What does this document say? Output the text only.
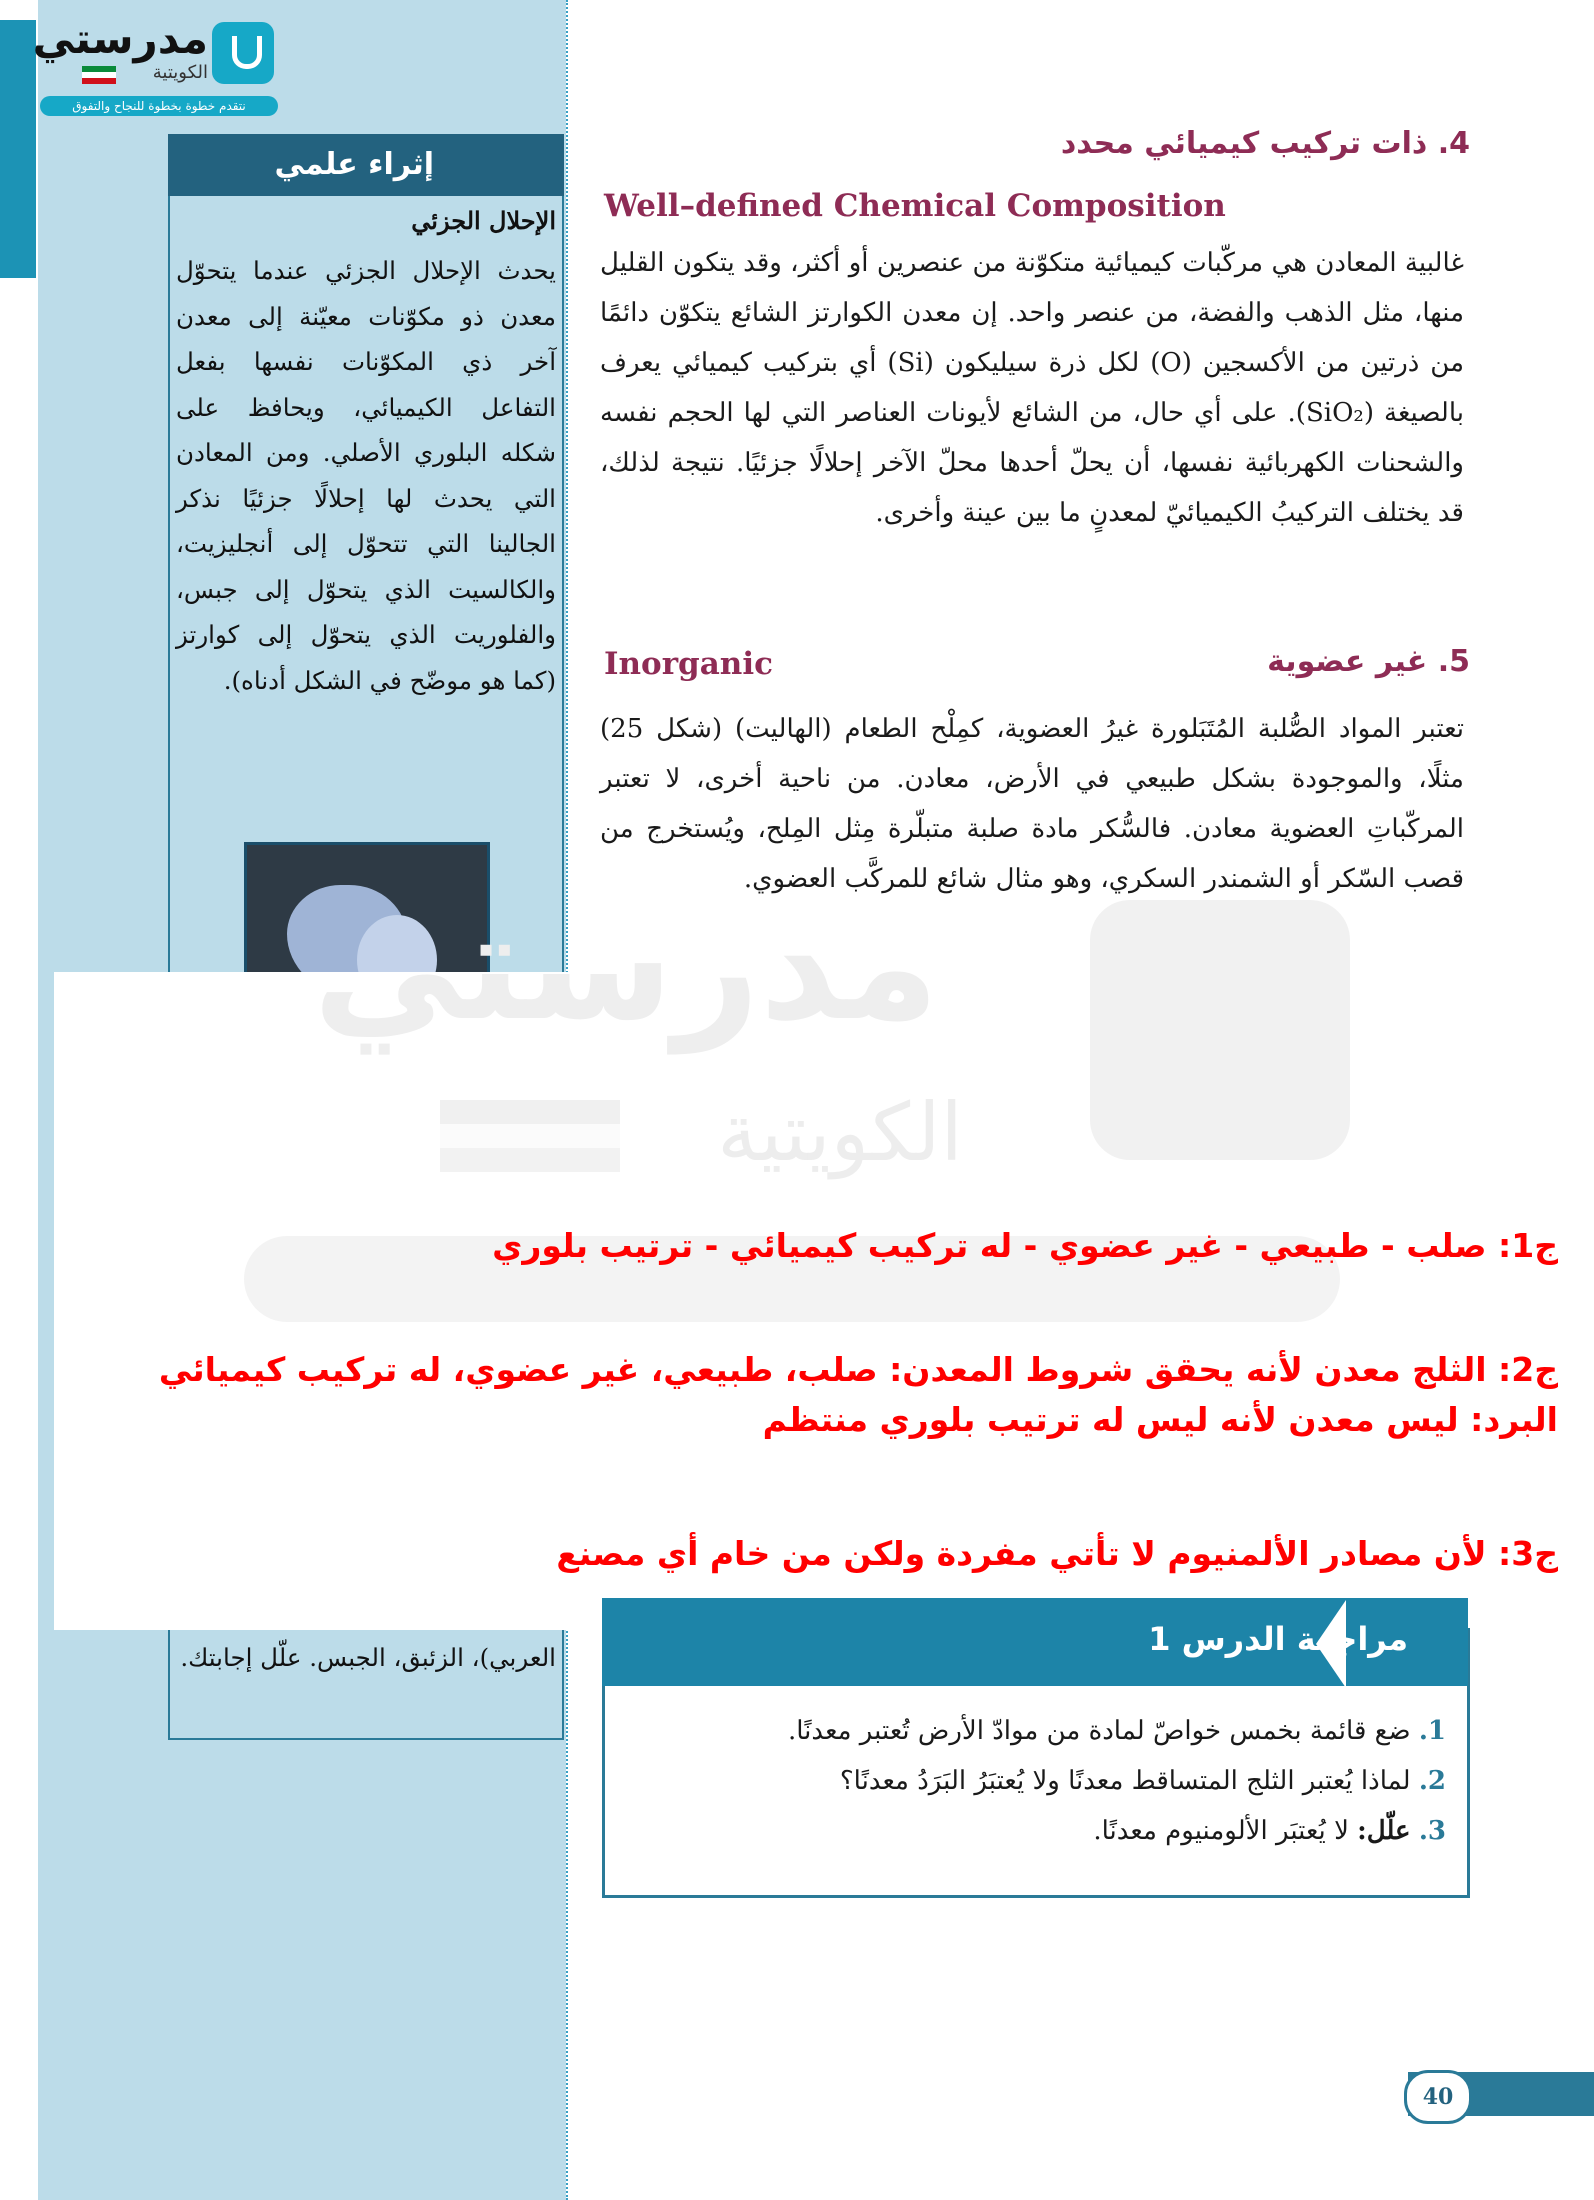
مدرستي
الكويتية
نتقدم خطوة بخطوة للنجاح والتفوق
إثراء علمي
الإحلال الجزئي
يحدث الإحلال الجزئي عندما يتحوّل معدن ذو مكوّنات معيّنة إلى معدن آخر ذي المكوّنات نفسها بفعل التفاعل الكيميائي، ويحافظ على شكله البلوري الأصلي. ومن المعادن التي يحدث لها إحلالًا جزئيًا نذكر الجالينا التي تتحوّل إلى أنجليزيت، والكالسيت الذي يتحوّل إلى جبس، والفلوريت الذي يتحوّل إلى كوارتز (كما هو موضّح في الشكل أدناه).
العربي)، الزئبق، الجبس. علّل إجابتك.
4. ذات تركيب كيميائي محدد
Well–defined Chemical Composition
غالبية المعادن هي مركّبات كيميائية متكوّنة من عنصرين أو أكثر، وقد يتكون القليل منها، مثل الذهب والفضة، من عنصر واحد. إن معدن الكوارتز الشائع يتكوّن دائمًا من ذرتين من الأكسجين (O) لكل ذرة سيليكون (Si) أي بتركيب كيميائي يعرف بالصيغة (SiO₂). على أي حال، من الشائع لأيونات العناصر التي لها الحجم نفسه والشحنات الكهربائية نفسها، أن يحلّ أحدها محلّ الآخر إحلالًا جزئيًا. نتيجة لذلك، قد يختلف التركيبُ الكيميائيّ لمعدنٍ ما بين عينة وأخرى.
5. غير عضوية
Inorganic
تعتبر المواد الصُّلبة المُتَبَلورة غيرُ العضوية، كمِلْح الطعام (الهاليت) (شكل 25) مثلًا، والموجودة بشكل طبيعي في الأرض، معادن. من ناحية أخرى، لا تعتبر المركّباتِ العضوية معادن. فالسُّكر مادة صلبة متبلّرة مِثل المِلح، ويُستخرج من قصب السّكر أو الشمندر السكري، وهو مثال شائع للمركَّب العضوي.
مدرستي
الكويتية
ج1: صلب - طبيعي - غير عضوي - له تركيب كيميائي - ترتيب بلوري
ج2: الثلج معدن لأنه يحقق شروط المعدن: صلب، طبيعي، غير عضوي، له تركيب كيميائي
البرد: ليس معدن لأنه ليس له ترتيب بلوري منتظم
ج3: لأن مصادر الألمنيوم لا تأتي مفردة ولكن من خام أي مصنع
مراجعة الدرس 1
1. ضع قائمة بخمس خواصّ لمادة من موادّ الأرض تُعتبر معدنًا.
2. لماذا يُعتبر الثلج المتساقط معدنًا ولا يُعتبَرُ البَرَدُ معدنًا؟
3. علّل: لا يُعتبَر الألومنيوم معدنًا.
40
